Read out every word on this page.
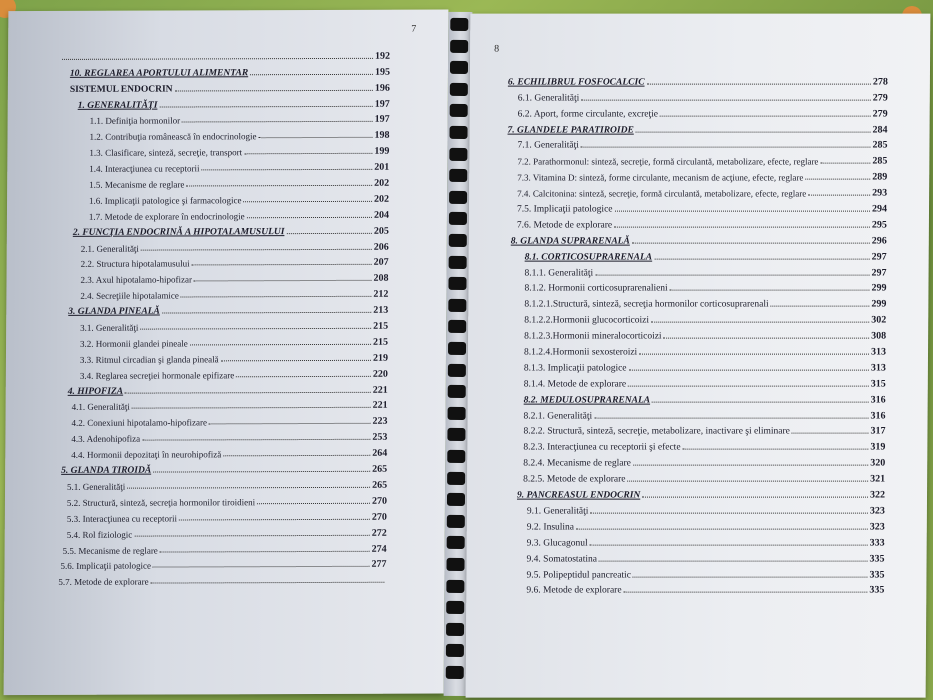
7
192
10. REGLAREA APORTULUI ALIMENTAR	195
SISTEMUL ENDOCRIN	196
1. GENERALITĂŢI	197
1.1. Definiţia hormonilor	197
1.2. Contribuţia românească în endocrinologie	198
1.3. Clasificare, sinteză, secreţie, transport	199
1.4. Interacţiunea cu receptorii	201
1.5. Mecanisme de reglare	202
1.6. Implicaţii patologice şi farmacologice	202
1.7. Metode de explorare în endocrinologie	204
2. FUNCŢIA ENDOCRINĂ A HIPOTALAMUSULUI	205
2.1. Generalităţi	206
2.2. Structura hipotalamusului	207
2.3. Axul hipotalamo-hipofizar	208
2.4. Secreţiile hipotalamice	212
3. GLANDA PINEALĂ	213
3.1. Generalităţi	215
3.2. Hormonii glandei pineale	215
3.3. Ritmul circadian şi glanda pineală	219
3.4. Reglarea secreţiei hormonale epifizare	220
4. HIPOFIZA	221
4.1. Generalităţi	221
4.2. Conexiuni hipotalamo-hipofizare	223
4.3. Adenohipofiza	253
4.4. Hormonii depozitaţi în neurohipofiză	264
5. GLANDA TIROIDĂ	265
5.1. Generalităţi	265
5.2. Structură, sinteză, secreţia hormonilor tiroidieni	270
5.3. Interacţiunea cu receptorii	270
5.4. Rol fiziologic	272
5.5. Mecanisme de reglare	274
5.6. Implicaţii patologice	277
5.7. Metode de explorare
8
6. ECHILIBRUL FOSFOCALCIC	278
6.1. Generalităţi	279
6.2. Aport, forme circulante, excreţie	279
7. GLANDELE PARATIROIDE	284
7.1. Generalităţi	285
7.2. Parathormonul: sinteză, secreţie, formă circulantă, metabolizare, efecte, reglare	285
7.3. Vitamina D: sinteză, forme circulante, mecanism de acţiune, efecte, reglare	289
7.4. Calcitonina: sinteză, secreţie, formă circulantă, metabolizare, efecte, reglare	293
7.5. Implicaţii patologice	294
7.6. Metode de explorare	295
8. GLANDA SUPRARENALĂ	296
8.1. CORTICOSUPRARENALA	297
8.1.1. Generalităţi	297
8.1.2. Hormonii corticosuprarenalieni	299
8.1.2.1.Structură, sinteză, secreţia hormonilor corticosuprarenali	299
8.1.2.2.Hormonii glucocorticoizi	302
8.1.2.3.Hormonii mineralocorticoizi	308
8.1.2.4.Hormonii sexosteroizi	313
8.1.3. Implicaţii patologice	313
8.1.4. Metode de explorare	315
8.2. MEDULOSUPRARENALA	316
8.2.1. Generalităţi	316
8.2.2. Structură, sinteză, secreţie, metabolizare, inactivare şi eliminare	317
8.2.3. Interacţiunea cu receptorii şi efecte	319
8.2.4. Mecanisme de reglare	320
8.2.5. Metode de explorare	321
9. PANCREASUL ENDOCRIN	322
9.1. Generalităţi	323
9.2. Insulina	323
9.3. Glucagonul	333
9.4. Somatostatina	335
9.5. Polipeptidul pancreatic	335
9.6. Metode de explorare	335
